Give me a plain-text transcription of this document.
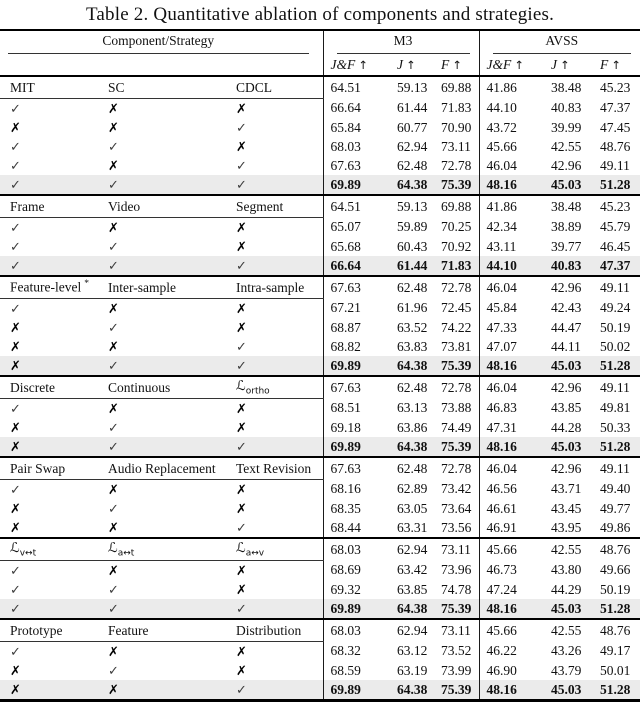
Table 2. Quantitative ablation of components and strategies.
Component/Strategy			M3			AVSS		

			J&F ↑	J ↑	F ↑	J&F ↑	J ↑	F ↑
MIT	SC	CDCL	64.51	59.13	69.88	41.86	38.48	45.23
✓	✗	✗	66.64	61.44	71.83	44.10	40.83	47.37
✗	✗	✓	65.84	60.77	70.90	43.72	39.99	47.45
✓	✓	✗	68.03	62.94	73.11	45.66	42.55	48.76
✓	✗	✓	67.63	62.48	72.78	46.04	42.96	49.11
✓	✓	✓	69.89	64.38	75.39	48.16	45.03	51.28
Frame	Video	Segment	64.51	59.13	69.88	41.86	38.48	45.23
✓	✗	✗	65.07	59.89	70.25	42.34	38.89	45.79
✓	✓	✗	65.68	60.43	70.92	43.11	39.77	46.45
✓	✓	✓	66.64	61.44	71.83	44.10	40.83	47.37
Feature-level *	Inter-sample	Intra-sample	67.63	62.48	72.78	46.04	42.96	49.11
✓	✗	✗	67.21	61.96	72.45	45.84	42.43	49.24
✗	✓	✗	68.87	63.52	74.22	47.33	44.47	50.19
✗	✗	✓	68.82	63.83	73.81	47.07	44.11	50.02
✗	✓	✓	69.89	64.38	75.39	48.16	45.03	51.28
Discrete	Continuous	ℒ$_{ortho}$	67.63	62.48	72.78	46.04	42.96	49.11
✓	✗	✗	68.51	63.13	73.88	46.83	43.85	49.81
✗	✓	✗	69.18	63.86	74.49	47.31	44.28	50.33
✗	✓	✓	69.89	64.38	75.39	48.16	45.03	51.28
Pair Swap	Audio Replacement	Text Revision	67.63	62.48	72.78	46.04	42.96	49.11
✓	✗	✗	68.16	62.89	73.42	46.56	43.71	49.40
✗	✓	✗	68.35	63.05	73.64	46.61	43.45	49.77
✗	✗	✓	68.44	63.31	73.56	46.91	43.95	49.86
ℒ$_{v\leftrightarrow t}$	ℒ$_{a\leftrightarrow t}$	ℒ$_{a\leftrightarrow v}$	68.03	62.94	73.11	45.66	42.55	48.76
✓	✗	✗	68.69	63.42	73.96	46.73	43.80	49.66
✓	✓	✗	69.32	63.85	74.78	47.24	44.29	50.19
✓	✓	✓	69.89	64.38	75.39	48.16	45.03	51.28
Prototype	Feature	Distribution	68.03	62.94	73.11	45.66	42.55	48.76
✓	✗	✗	68.32	63.12	73.52	46.22	43.26	49.17
✗	✓	✗	68.59	63.19	73.99	46.90	43.79	50.01
✗	✗	✓	69.89	64.38	75.39	48.16	45.03	51.28
